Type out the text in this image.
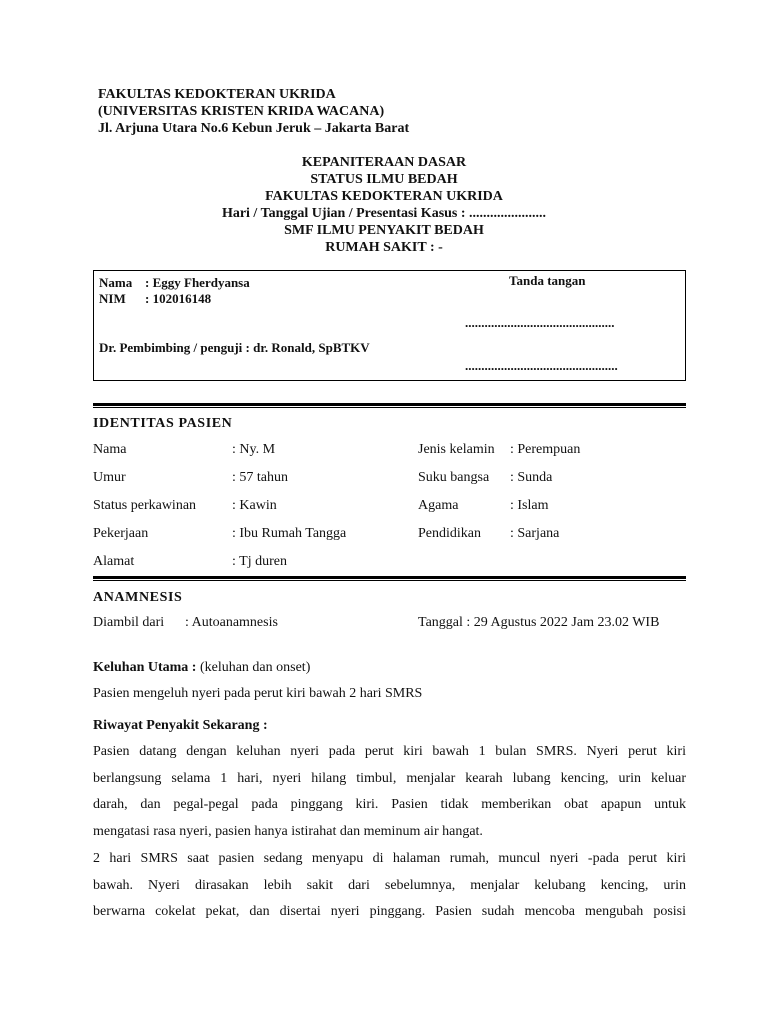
FAKULTAS KEDOKTERAN UKRIDA
(UNIVERSITAS KRISTEN KRIDA WACANA)
Jl. Arjuna Utara No.6 Kebun Jeruk – Jakarta Barat
KEPANITERAAN DASAR
STATUS ILMU BEDAH
FAKULTAS KEDOKTERAN UKRIDA
Hari / Tanggal Ujian / Presentasi Kasus : ......................
SMF ILMU PENYAKIT BEDAH
RUMAH SAKIT : -
Nama : Eggy Fherdyansa
NIM : 102016148
Tanda tangan
..............................................
Dr. Pembimbing / penguji : dr. Ronald, SpBTKV
...............................................
IDENTITAS PASIEN
Nama	: Ny. M	Jenis kelamin : Perempuan
Umur	: 57 tahun	Suku bangsa : Sunda
Status perkawinan	: Kawin	Agama	: Islam
Pekerjaan	: Ibu Rumah Tangga	Pendidikan : Sarjana
Alamat	: Tj duren
ANAMNESIS
Diambil dari : Autoanamnesis	Tanggal : 29 Agustus 2022 Jam 23.02 WIB
Keluhan Utama : (keluhan dan onset)
Pasien mengeluh nyeri pada perut kiri bawah 2 hari SMRS
Riwayat Penyakit Sekarang :
Pasien datang dengan keluhan nyeri pada perut kiri bawah 1 bulan SMRS. Nyeri perut kiri
berlangsung selama 1 hari, nyeri hilang timbul, menjalar kearah lubang kencing, urin keluar
darah, dan pegal-pegal pada pinggang kiri. Pasien tidak memberikan obat apapun untuk
mengatasi rasa nyeri, pasien hanya istirahat dan meminum air hangat.
2 hari SMRS saat pasien sedang menyapu di halaman rumah, muncul nyeri -pada perut kiri
bawah. Nyeri dirasakan lebih sakit dari sebelumnya, menjalar kelubang kencing, urin
berwarna cokelat pekat, dan disertai nyeri pinggang. Pasien sudah mencoba mengubah posisi
